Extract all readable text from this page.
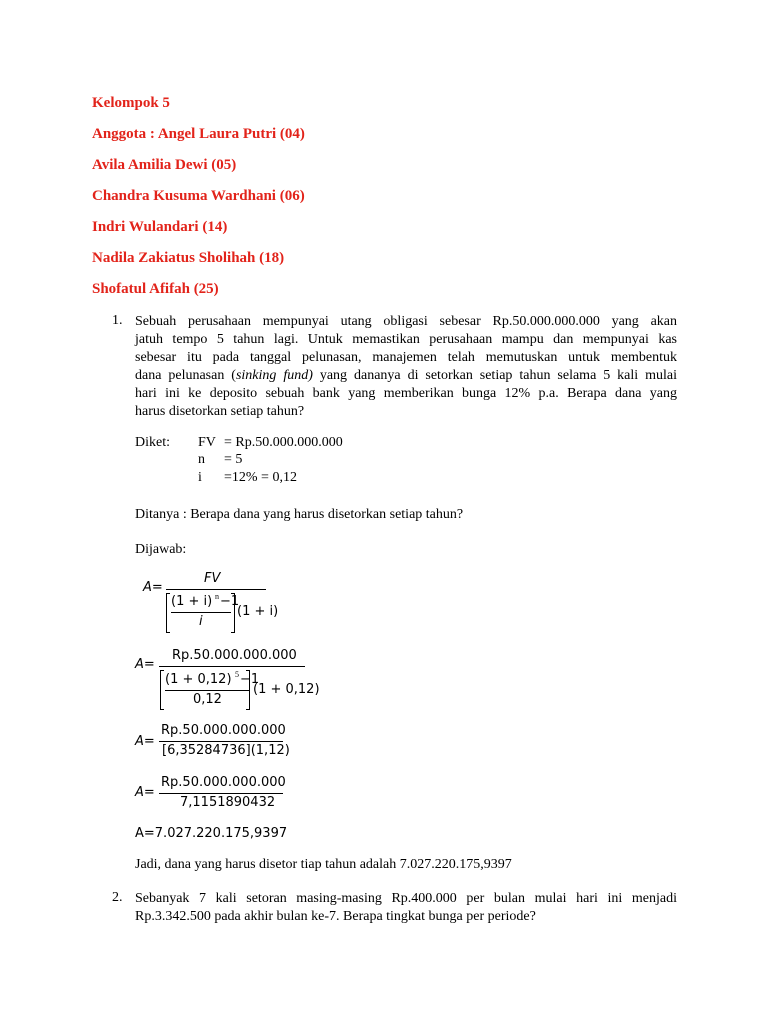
Kelompok 5
Anggota : Angel Laura Putri (04)
Avila Amilia Dewi (05)
Chandra Kusuma Wardhani (06)
Indri Wulandari (14)
Nadila Zakiatus Sholihah (18)
Shofatul Afifah (25)
1. Sebuah perusahaan mempunyai utang obligasi sebesar Rp.50.000.000.000 yang akan
jatuh tempo 5 tahun lagi. Untuk memastikan perusahaan mampu dan mempunyai kas
sebesar itu pada tanggal pelunasan, manajemen telah memutuskan untuk membentuk
dana pelunasan (sinking fund) yang dananya di setorkan setiap tahun selama 5 kali mulai
hari ini ke deposito sebuah bank yang memberikan bunga 12% p.a. Berapa dana yang
harus disetorkan setiap tahun?
Diket: FV = Rp.50.000.000.000
n = 5
i =12% = 0,12
Ditanya : Berapa dana yang harus disetorkan setiap tahun?
Dijawab:
A=
FV
(1 + i) n −1
i
(1 + i)
A=
Rp.50.000.000.000
(1 + 0,12) 5 −1
0,12
(1 + 0,12)
A=
Rp.50.000.000.000
[6,35284736](1,12)
A=
Rp.50.000.000.000
7,1151890432
A=7.027.220.175,9397
Jadi, dana yang harus disetor tiap tahun adalah 7.027.220.175,9397
2. Sebanyak 7 kali setoran masing-masing Rp.400.000 per bulan mulai hari ini menjadi
Rp.3.342.500 pada akhir bulan ke-7. Berapa tingkat bunga per periode?
